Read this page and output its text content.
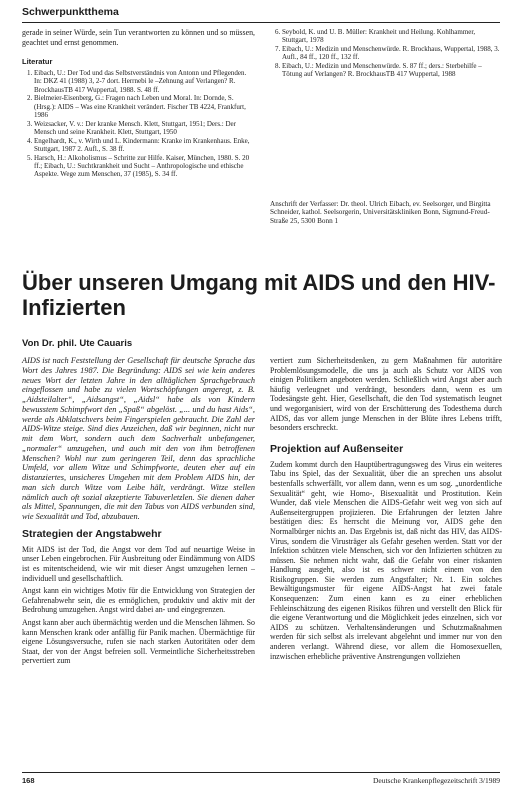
Schwerpunktthema

gerade in seiner Würde, sein Tun verantworten zu können und so müssen, geachtet und ernst genommen.

Literatur
1. Eibach, U.: Der Tod und das Selbstverständnis von Antonn und Pflegenden. In: DKZ 41 (1988) 3, 2-7 dort. Herrnebi le –Zehnung auf Verlangen? R. BrockhausTB 417 Wuppertal, 1988. S. 48 ff.
2. Bielmeier-Eisenberg, G.: Fragen nach Leben und Moral. In: Dornde, S. (Hrsg.): AIDS – Was eine Krankheit verändert. Fischer TB 4224, Frankfurt, 1986
3. Weizsacker, V. v.: Der kranke Mensch. Klett, Stuttgart, 1951; Ders.: Der Mensch und seine Krankheit. Klett, Stuttgart, 1950
4. Engelhardt, K., v. Wirth und L. Kindermann: Kranke im Krankenhaus. Enke, Stuttgart, 1987 2. Aufl., S. 38 ff.
5. Harsch, H.: Alkoholismus – Schritte zur Hilfe. Kaiser, München, 1980. S. 20 ff.; Eibach, U.: Suchtkrankheit und Sucht – Anthropologische und ethische Aspekte. Wege zum Menschen, 37 (1985), S. 34 ff.
6. Seybold, K. und U. B. Müller: Krankheit und Heilung. Kohlhammer, Stuttgart, 1978
7. Eibach, U.: Medizin und Menschenwürde. R. Brockhaus, Wuppertal, 1988, 3. Aufl., 84 ff., 120 ff., 132 ff.
8. Eibach, U.: Medizin und Menschenwürde. S. 87 ff.; ders.: Sterbehilfe – Tötung auf Verlangen? R. BrockhausTB 417 Wuppertal, 1988
Anschrift der Verfasser: Dr. theol. Ulrich Eibach, ev. Seelsorger, und Birgitta Schneider, kathol. Seelsorgerin, Universitätskliniken Bonn, Sigmund-Freud-Straße 25, 5300 Bonn 1
Über unseren Umgang mit AIDS und den HIV-Infizierten
Von Dr. phil. Ute Cauaris

AIDS ist nach Feststellung der Gesellschaft für deutsche Sprache das Wort des Jahres 1987. Die Begründung: AIDS sei wie kein anderes neues Wort der letzten Jahre in den alltäglichen Sprachgebrauch eingeflossen und habe zu vielen Wortschöpfungen angeregt, z. B. „Aidsteilalter“, „Aidsangst“, „Aidsl“ habe als von Kindern bewusstem Schimpfwort den „Spaß“ abgelöst. „... und du hast Aids“, werde als Abklatschvers beim Fingerspielen gebraucht. Die Zahl der AIDS-Witze steige. Sind dies Anzeichen, daß wir beginnen, nicht nur mit dem Wort, sondern auch dem Sachverhalt unbefangener, „normaler“ umzugehen, und auch mit den von ihm betroffenen Menschen? Wohl nur zum geringeren Teil, denn das sprachliche Umfeld, vor allem Witze und Schimpfworte, deuten eher auf ein distanziertes, unsicheres Umgehen mit dem Problem AIDS hin, der man sich durch Witze vom Leibe hält, verdrängt. Witze stellen nämlich auch oft sozial akzeptierte Tabuverletzlen. Sie dienen daher als Mittel, Spannungen, die mit den Tabus von AIDS verbunden sind, wie Sexualität und Tod, abzubauen.

Strategien der Angstabwehr

Mit AIDS ist der Tod, die Angst vor dem Tod auf neuartige Weise in unser Leben eingebrochen. Für Ausbreitung oder Eindämmung von AIDS ist es mitentscheidend, wie wir mit dieser Angst umzugehen lernen – individuell und gesellschaftlich.

Angst kann ein wichtiges Motiv für die Entwicklung von Strategien der Gefahrenabwehr sein, die es ermöglichen, produktiv und aktiv mit der Bedrohung umzugehen. Angst wird dabei an- und eingegrenzen.

Angst kann aber auch übermächtig werden und die Menschen lähmen. So kann Menschen krank oder anfällig für Panik machen. Übermächtige für eigene Lösungsversuche, rufen sie nach starken Autoritäten oder dem Staat, der von der Angst befreien soll. Vermeintliche Sicherheitsstreben pervertiert zum

vertiert zum Sicherheitsdenken, zu gern Maßnahmen für autoritäre Problemlösungsmodelle, die uns ja auch als Schutz vor AIDS von einigen Politikern angeboten werden. Schließlich wird Angst aber auch häufig verleugnet und verdrängt, besonders dann, wenn es um Todesängste geht. Hier, Gesellschaft, die den Tod systematisch leugnet und wegorganisiert, wird von der Erschütterung des Todesthema durch AIDS, das vor allem junge Menschen in der Blüte ihres Lebens trifft, besonders erschreckt.

Projektion auf Außenseiter

Zudem kommt durch den Hauptübertragungsweg des Virus ein weiteres Tabu ins Spiel, das der Sexualität, über die an sprechen uns absolut bestenfalls schwerfällt, vor allem dann, wenn es um sog. „unordentliche Sexualität“ geht, wie Homo-, Bisexualität und Prostitution. Kein Wunder, daß viele Menschen die AIDS-Gefahr weit weg von sich auf Außenseitergruppen projizieren. Die Erfahrungen der letzten Jahre bestätigen dies: Es herrscht die Meinung vor, AIDS gehe den Normalbürger nichts an. Das Ergebnis ist, daß nicht das HIV, das AIDS-Virus, sondern die Virusträger als Gefahr gesehen werden. Statt vor der Infektion schützen viele Menschen, sich vor den Infizierten schützen zu müssen. Sie nehmen nicht wahr, daß die Gefahr von einer riskanten Handlung ausgeht, also ist es schwer nicht einem von den Risikogruppen. Sie werden zum Angstfalter; Nr. 1. Ein solches Bewältigungsmuster für eigene AIDS-Angst hat zwei fatale Konsequenzen: Zum einen kann es zu einer erheblichen Fehleinschätzung des eigenen Risikos führen und verstellt den Blick für die eigene Verantwortung und die Möglichkeit jedes einzelnen, sich vor AIDS zu schützen. Verhaltensänderungen und Schutzmaßnahmen werden für sich selbst als irrelevant abgelehnt und immer nur von den anderen verlangt. Während diese, vor allem die Homosexuellen, inzwischen erhebliche präventive Anstrengungen vollziehen

168	Deutsche Krankenpflegezeitschrift 3/1989
